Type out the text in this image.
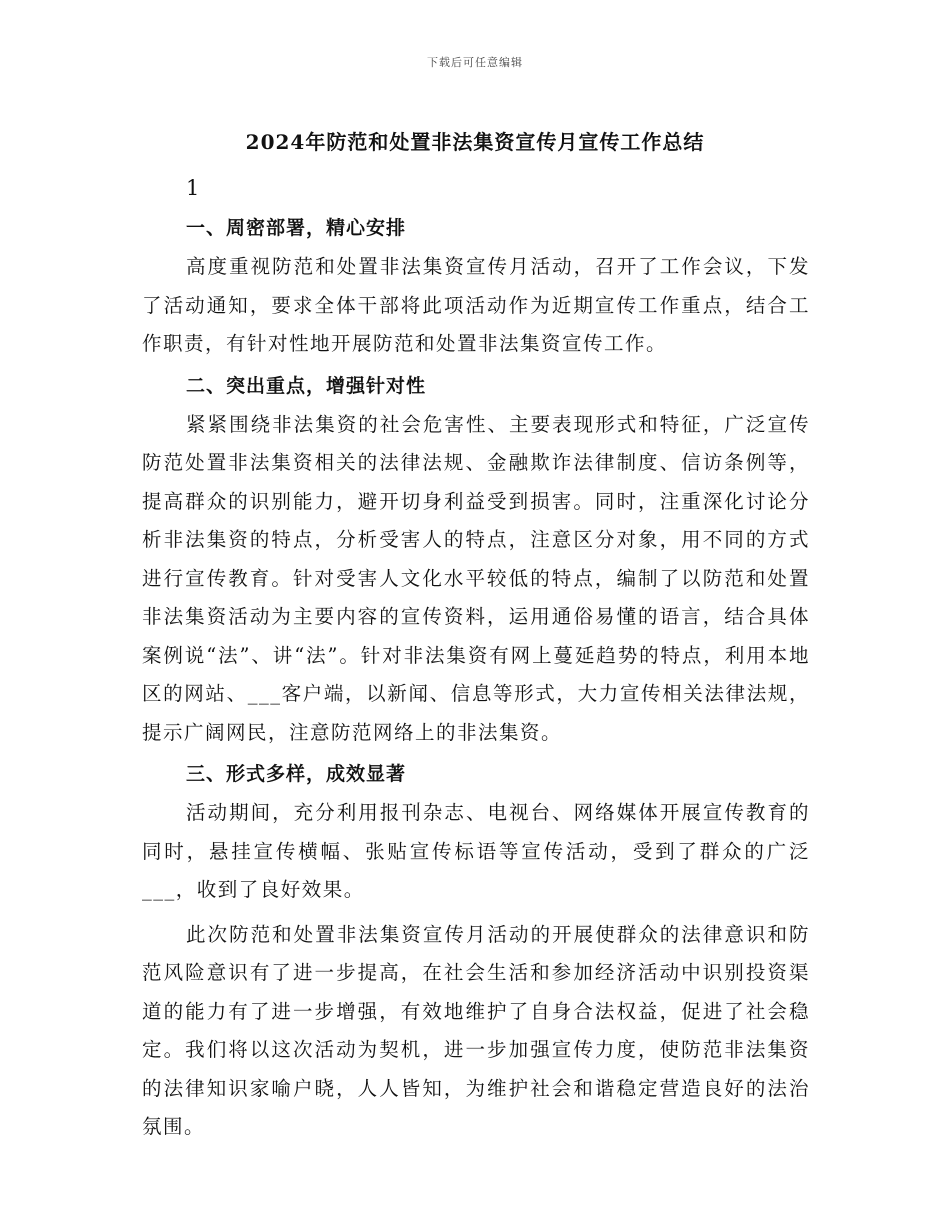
下载后可任意编辑
2024年防范和处置非法集资宣传月宣传工作总结

1

一、周密部署，精心安排

高度重视防范和处置非法集资宣传月活动，召开了工作会议，下发了活动通知，要求全体干部将此项活动作为近期宣传工作重点，结合工作职责，有针对性地开展防范和处置非法集资宣传工作。

二、突出重点，增强针对性

紧紧围绕非法集资的社会危害性、主要表现形式和特征，广泛宣传防范处置非法集资相关的法律法规、金融欺诈法律制度、信访条例等，提高群众的识别能力，避开切身利益受到损害。同时，注重深化讨论分析非法集资的特点，分析受害人的特点，注意区分对象，用不同的方式进行宣传教育。针对受害人文化水平较低的特点，编制了以防范和处置非法集资活动为主要内容的宣传资料，运用通俗易懂的语言，结合具体案例说“法”、讲“法”。针对非法集资有网上蔓延趋势的特点，利用本地区的网站、___客户端，以新闻、信息等形式，大力宣传相关法律法规，提示广阔网民，注意防范网络上的非法集资。

三、形式多样，成效显著

活动期间，充分利用报刊杂志、电视台、网络媒体开展宣传教育的同时，悬挂宣传横幅、张贴宣传标语等宣传活动，受到了群众的广泛___，收到了良好效果。

此次防范和处置非法集资宣传月活动的开展使群众的法律意识和防范风险意识有了进一步提高，在社会生活和参加经济活动中识别投资渠道的能力有了进一步增强，有效地维护了自身合法权益，促进了社会稳定。我们将以这次活动为契机，进一步加强宣传力度，使防范非法集资的法律知识家喻户晓，人人皆知，为维护社会和谐稳定营造良好的法治氛围。
